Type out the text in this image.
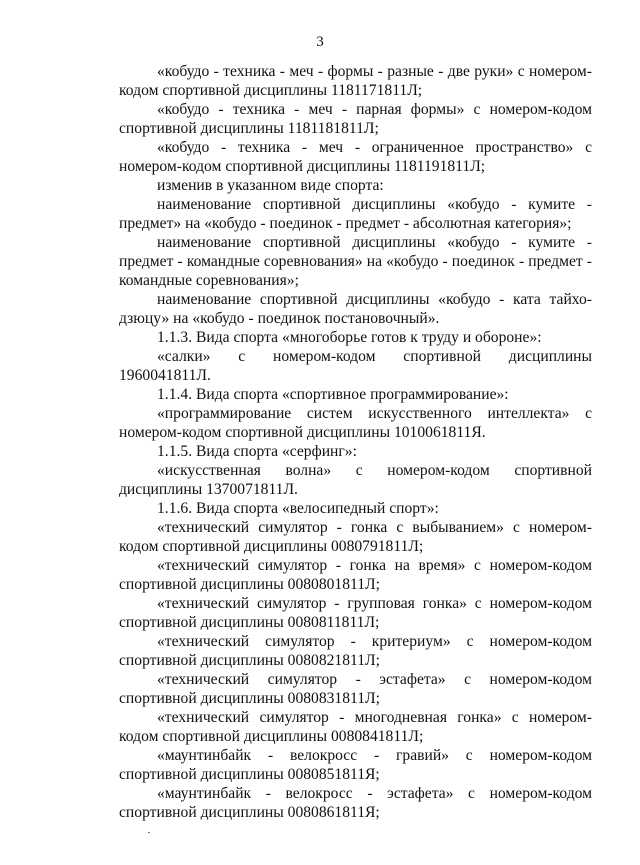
3

«кобудо - техника - меч - формы - разные - две руки» с номером-кодом спортивной дисциплины 1181171811Л;

«кобудо - техника - меч - парная формы» с номером-кодом спортивной дисциплины 1181181811Л;

«кобудо - техника - меч - ограниченное пространство» с номером-кодом спортивной дисциплины 1181191811Л;

изменив в указанном виде спорта:

наименование спортивной дисциплины «кобудо - кумите - предмет» на «кобудо - поединок - предмет - абсолютная категория»;

наименование спортивной дисциплины «кобудо - кумите - предмет - командные соревнования» на «кобудо - поединок - предмет - командные соревнования»;

наименование спортивной дисциплины «кобудо - ката тайхо-дзюцу» на «кобудо - поединок постановочный».

1.1.3. Вида спорта «многоборье готов к труду и обороне»:

«салки» с номером-кодом спортивной дисциплины 1960041811Л.

1.1.4. Вида спорта «спортивное программирование»:

«программирование систем искусственного интеллекта» с номером-кодом спортивной дисциплины 1010061811Я.

1.1.5. Вида спорта «серфинг»:

«искусственная волна» с номером-кодом спортивной дисциплины 1370071811Л.

1.1.6. Вида спорта «велосипедный спорт»:

«технический симулятор - гонка с выбыванием» с номером-кодом спортивной дисциплины 0080791811Л;

«технический симулятор - гонка на время» с номером-кодом спортивной дисциплины 0080801811Л;

«технический симулятор - групповая гонка» с номером-кодом спортивной дисциплины 0080811811Л;

«технический симулятор - критериум» с номером-кодом спортивной дисциплины 0080821811Л;

«технический симулятор - эстафета» с номером-кодом спортивной дисциплины 0080831811Л;

«технический симулятор - многодневная гонка» с номером-кодом спортивной дисциплины 0080841811Л;

«маунтинбайк - велокросс - гравий» с номером-кодом спортивной дисциплины 0080851811Я;

«маунтинбайк - велокросс - эстафета» с номером-кодом спортивной дисциплины 0080861811Я;
